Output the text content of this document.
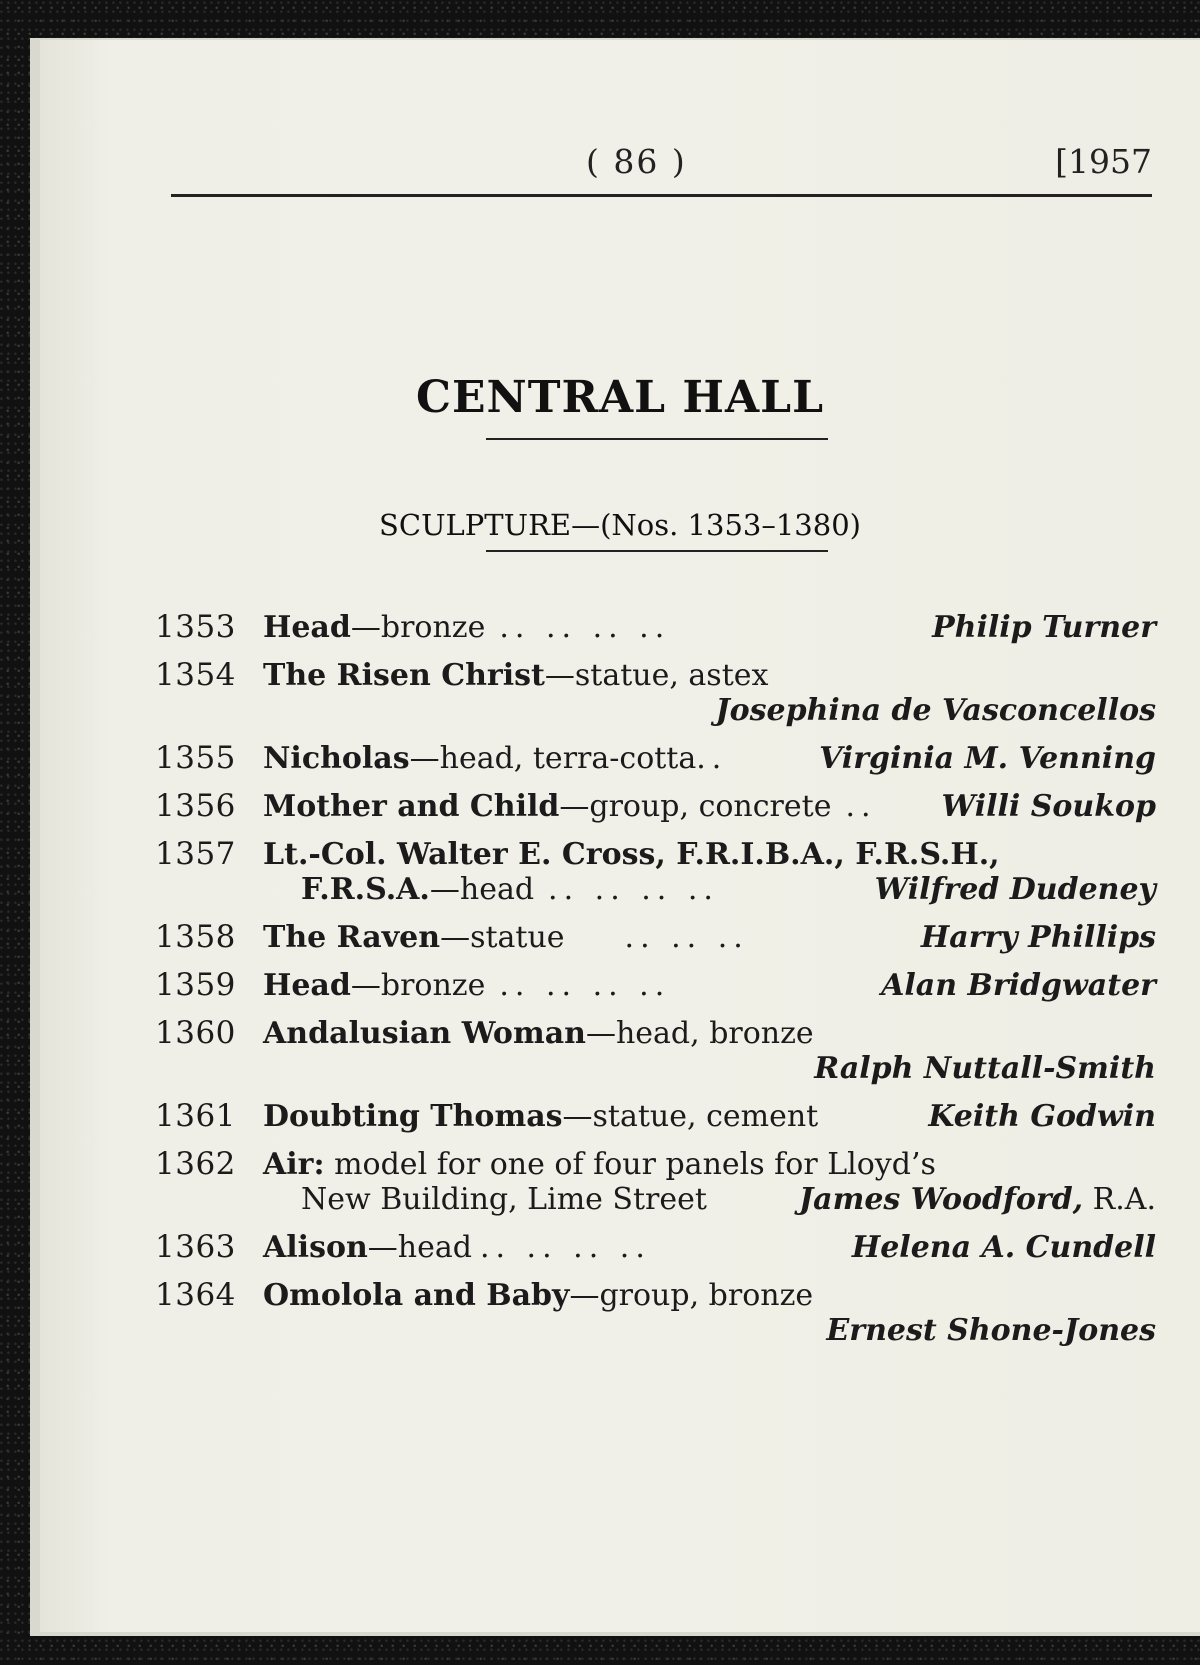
( 86 )	[1957
CENTRAL HALL
SCULPTURE—(Nos. 1353–1380)
1353 Head —bronze .. .. .. ..	Philip Turner
1354 The Risen Christ —statue, astex
Josephina de Vasconcellos
1355 Nicholas —head, terra-cotta ..	Virginia M. Venning
1356 Mother and Child —group, concrete .. Willi Soukop
1357 Lt.-Col. Walter E. Cross, F.R.I.B.A., F.R.S.H.,
F.R.S.A. —head .. .. .. ..	Wilfred Dudeney
1358 The Raven —statue .. .. ..	Harry Phillips
1359 Head —bronze .. .. .. ..	Alan Bridgwater
1360 Andalusian Woman —head, bronze
Ralph Nuttall-Smith
1361 Doubting Thomas —statue, cement	Keith Godwin
1362 Air: model for one of four panels for Lloyd’s
New Building, Lime Street	James Woodford, R.A.
1363 Alison —head .. .. .. ..	Helena A. Cundell
1364 Omolola and Baby —group, bronze
Ernest Shone-Jones
